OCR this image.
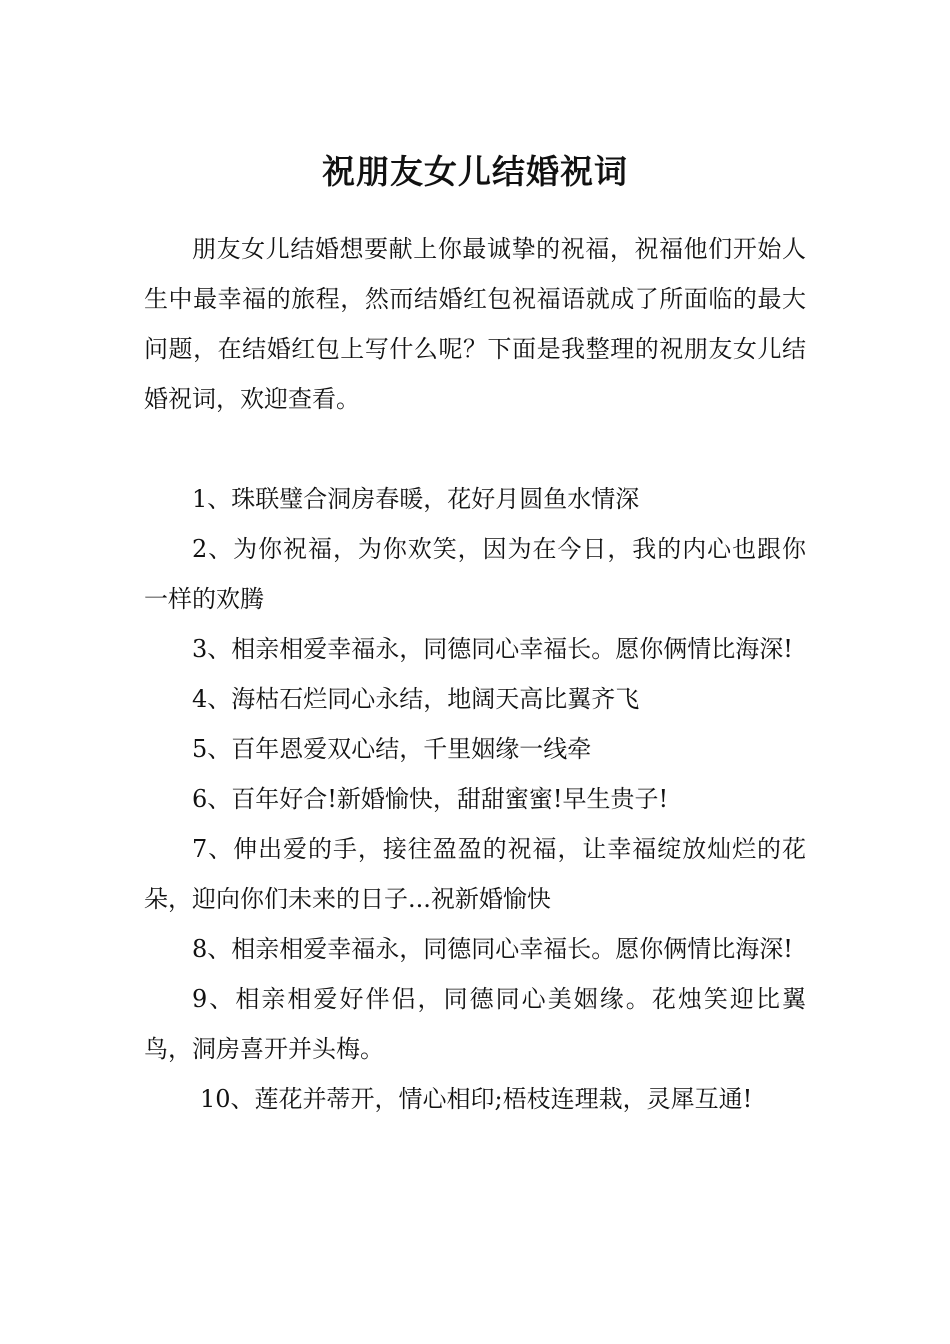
祝朋友女儿结婚祝词

朋友女儿结婚想要献上你最诚挚的祝福，祝福他们开始人生中最幸福的旅程，然而结婚红包祝福语就成了所面临的最大问题，在结婚红包上写什么呢？下面是我整理的祝朋友女儿结婚祝词，欢迎查看。

1、珠联璧合洞房春暖，花好月圆鱼水情深

2、为你祝福，为你欢笑，因为在今日，我的内心也跟你一样的欢腾

3、相亲相爱幸福永，同德同心幸福长。愿你俩情比海深!

4、海枯石烂同心永结，地阔天高比翼齐飞

5、百年恩爱双心结，千里姻缘一线牵

6、百年好合!新婚愉快，甜甜蜜蜜!早生贵子!

7、伸出爱的手，接往盈盈的祝福，让幸福绽放灿烂的花朵，迎向你们未来的日子...祝新婚愉快

8、相亲相爱幸福永，同德同心幸福长。愿你俩情比海深!

9、相亲相爱好伴侣，同德同心美姻缘。花烛笑迎比翼鸟，洞房喜开并头梅。

10、莲花并蒂开，情心相印;梧枝连理栽，灵犀互通!
